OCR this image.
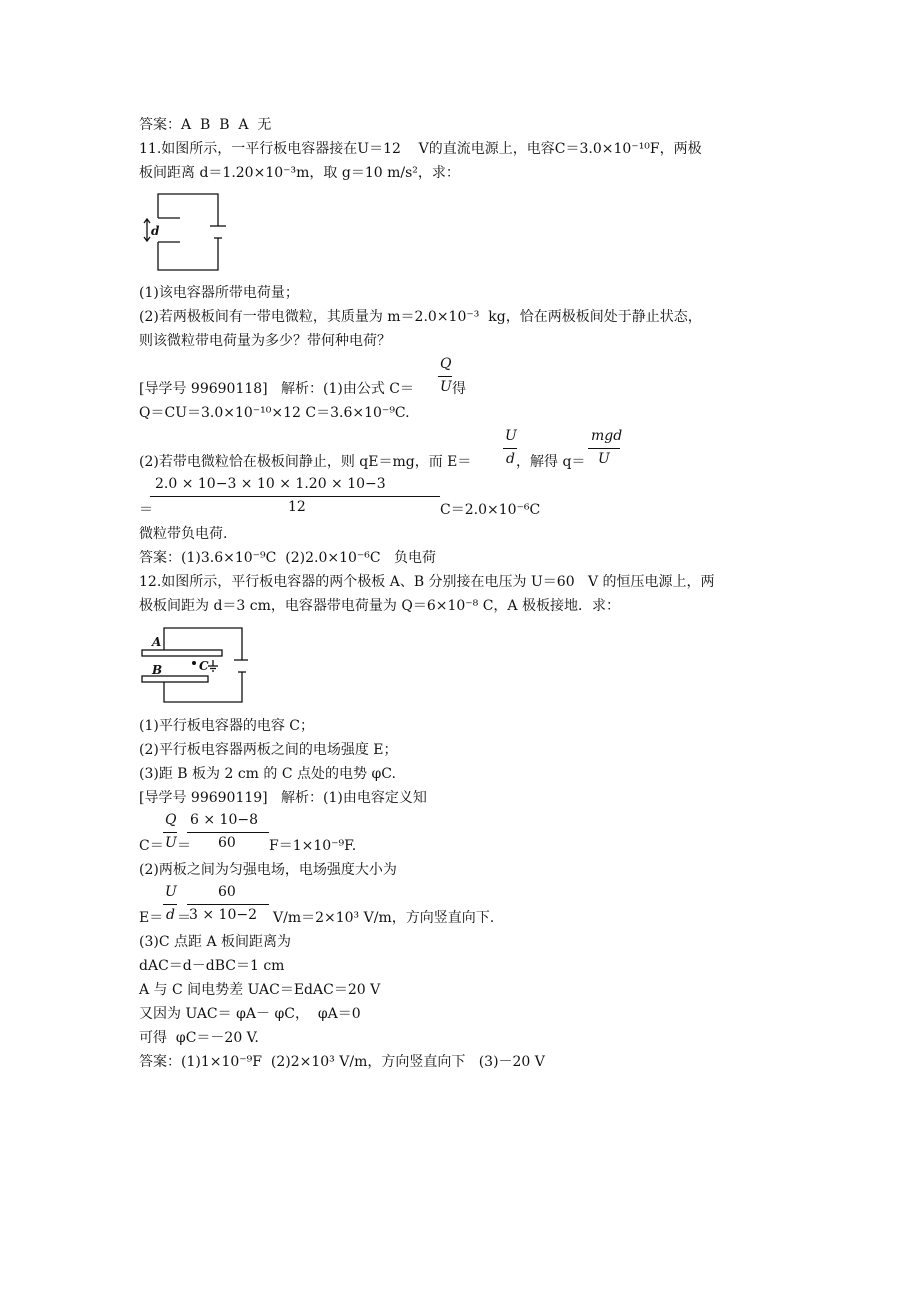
答案：A  B  B  A  无
11.如图所示，一平行板电容器接在U＝12    V的直流电源上，电容C＝3.0×10⁻¹⁰F，两极
板间距离 d＝1.20×10⁻³m，取 g＝10 m/s²，求：
d
(1)该电容器所带电荷量；
(2)若两极板间有一带电微粒，其质量为 m＝2.0×10⁻³  kg，恰在两极板间处于静止状态，
则该微粒带电荷量为多少？带何种电荷？
[导学号 99690118]   解析：(1)由公式 C＝
Q
U 得
Q＝CU＝3.0×10⁻¹⁰×12 C＝3.6×10⁻⁹C.
(2)若带电微粒恰在极板间静止，则 qE＝mg，而 E＝
U
d ，解得 q＝
mgd
U
＝
2.0 × 10−3 × 10 × 1.20 × 10−3
12	C＝2.0×10⁻⁶C
微粒带负电荷.
答案：(1)3.6×10⁻⁹C  (2)2.0×10⁻⁶C   负电荷
12.如图所示，平行板电容器的两个极板 A、B 分别接在电压为 U＝60   V 的恒压电源上，两
极板间距为 d＝3 cm，电容器带电荷量为 Q＝6×10⁻⁸ C，A 极板接地．求：
A
B	C
(1)平行板电容器的电容 C；
(2)平行板电容器两板之间的电场强度 E；
(3)距 B 板为 2 cm 的 C 点处的电势 φC.
[导学号 99690119]   解析：(1)由电容定义知
C＝
Q
U ＝
6 × 10−8
60 F＝1×10⁻⁹F.
(2)两板之间为匀强电场，电场强度大小为
E＝
U
d ＝
60
3 × 10−2 V/m＝2×10³ V/m，方向竖直向下.
(3)C 点距 A 板间距离为
dAC＝d－dBC＝1 cm
A 与 C 间电势差 UAC＝EdAC＝20 V
又因为 UAC＝ φA－ φC，  φA＝0
可得  φC＝－20 V.
答案：(1)1×10⁻⁹F  (2)2×10³ V/m，方向竖直向下   (3)－20 V
